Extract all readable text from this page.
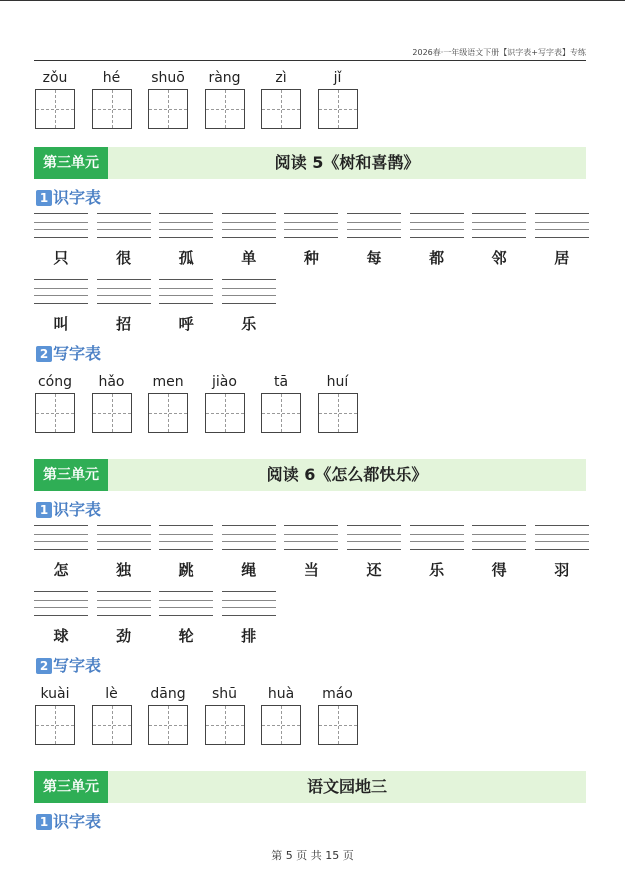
2026春·一年级语文下册【识字表+写字表】专练
zǒu	hé	shuō	ràng	zì	jǐ
第三单元	阅读 5《树和喜鹊》
1 识字表
只	很	孤	单	种	每	都	邻	居
叫	招	呼	乐
2 写字表
cóng	hǎo	men	jiào	tā	huí
第三单元	阅读 6《怎么都快乐》
1 识字表
怎	独	跳	绳	当	还	乐	得	羽
球	劲	轮	排
2 写字表
kuài	lè	dāng	shū	huà	máo
第三单元	语文园地三
1 识字表
第 5 页 共 15 页
